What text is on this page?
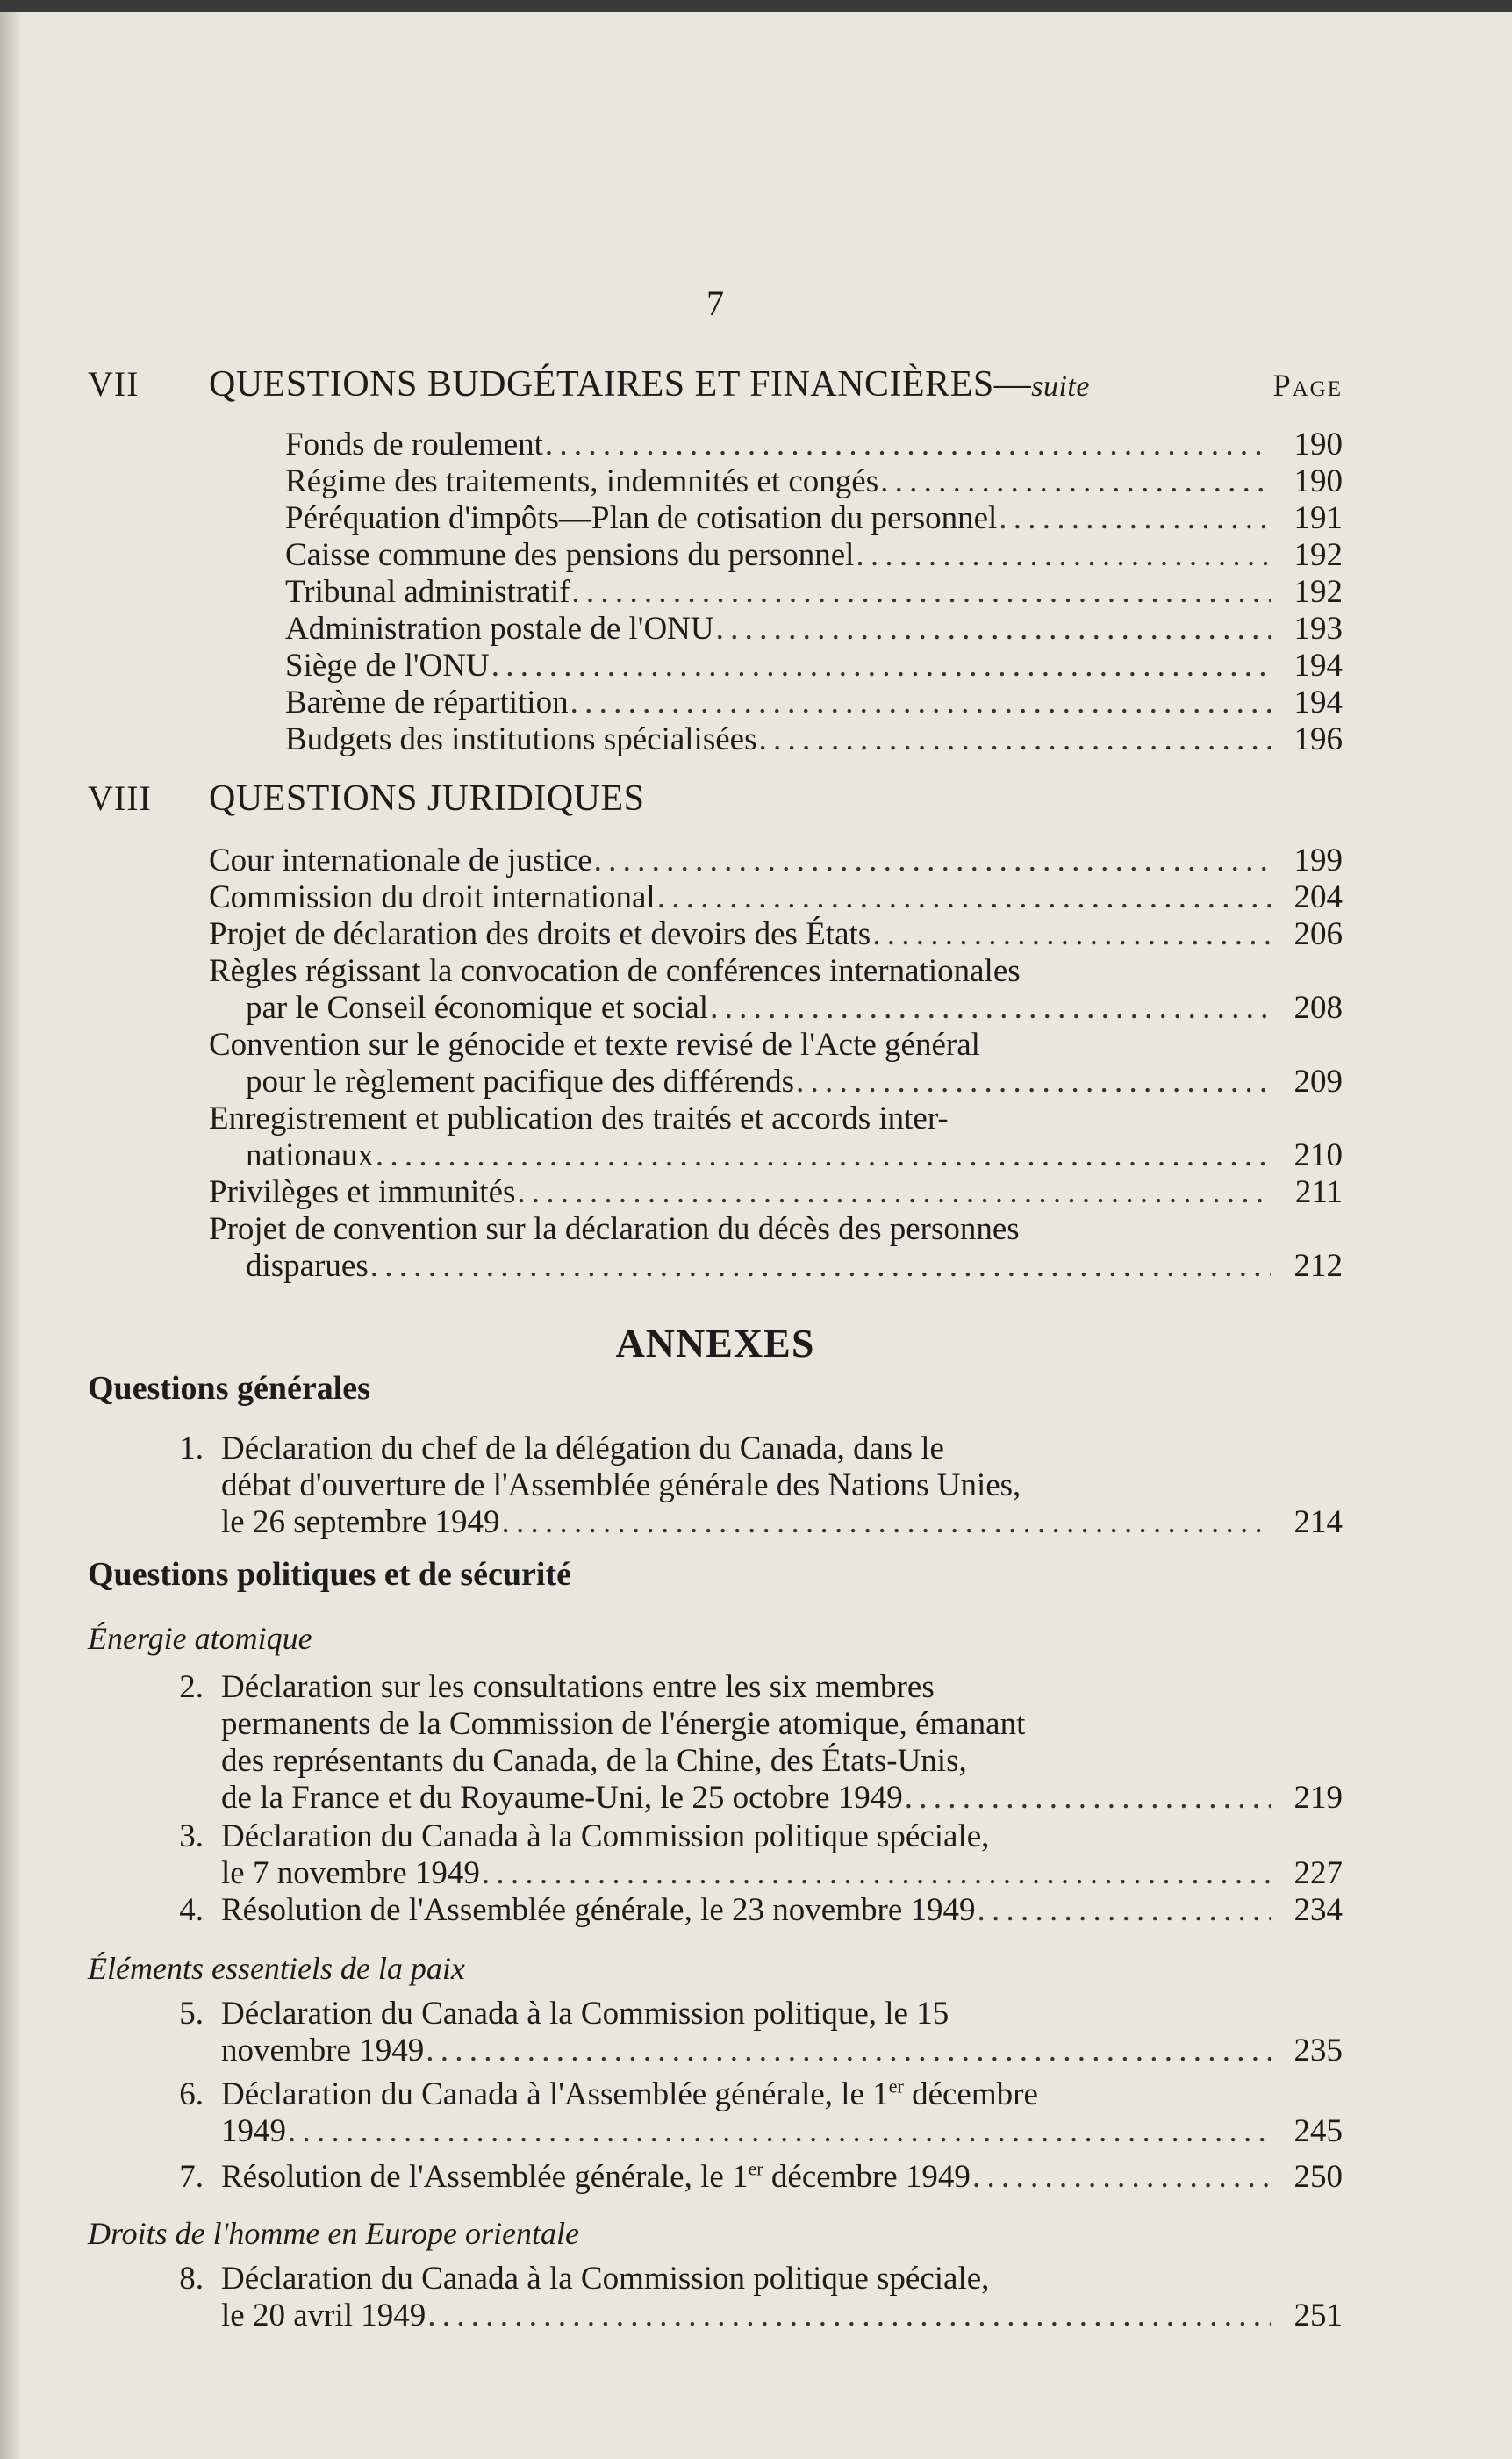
7
VII QUESTIONS BUDGÉTAIRES ET FINANCIÈRES—suite	Page
Fonds de roulement . . .	190
Régime des traitements, indemnités et congés . . .	190
Péréquation d'impôts—Plan de cotisation du personnel . . .	191
Caisse commune des pensions du personnel . . .	192
Tribunal administratif . . .	192
Administration postale de l'ONU . . .	193
Siège de l'ONU . . .	194
Barème de répartition . . .	194
Budgets des institutions spécialisées . . .	196
VIII QUESTIONS JURIDIQUES
Cour internationale de justice . . .	199
Commission du droit international . . .	204
Projet de déclaration des droits et devoirs des États . . .	206
Règles régissant la convocation de conférences internationales
par le Conseil économique et social . . .	208
Convention sur le génocide et texte revisé de l'Acte général
pour le règlement pacifique des différends . . .	209
Enregistrement et publication des traités et accords inter-
nationaux . . .	210
Privilèges et immunités . . .	211
Projet de convention sur la déclaration du décès des personnes
disparues . . .	212
ANNEXES
Questions générales
1. Déclaration du chef de la délégation du Canada, dans le
débat d'ouverture de l'Assemblée générale des Nations Unies,
le 26 septembre 1949 . . .	214
Questions politiques et de sécurité
Énergie atomique
2. Déclaration sur les consultations entre les six membres
permanents de la Commission de l'énergie atomique, émanant
des représentants du Canada, de la Chine, des États-Unis,
de la France et du Royaume-Uni, le 25 octobre 1949 . . .	219
3. Déclaration du Canada à la Commission politique spéciale,
le 7 novembre 1949 . . .	227
4. Résolution de l'Assemblée générale, le 23 novembre 1949 . . .	234
Éléments essentiels de la paix
5. Déclaration du Canada à la Commission politique, le 15
novembre 1949 . . .	235
6. Déclaration du Canada à l'Assemblée générale, le 1er décembre
1949 . . .	245
7. Résolution de l'Assemblée générale, le 1er décembre 1949 . . .	250
Droits de l'homme en Europe orientale
8. Déclaration du Canada à la Commission politique spéciale,
le 20 avril 1949 . . .	251
